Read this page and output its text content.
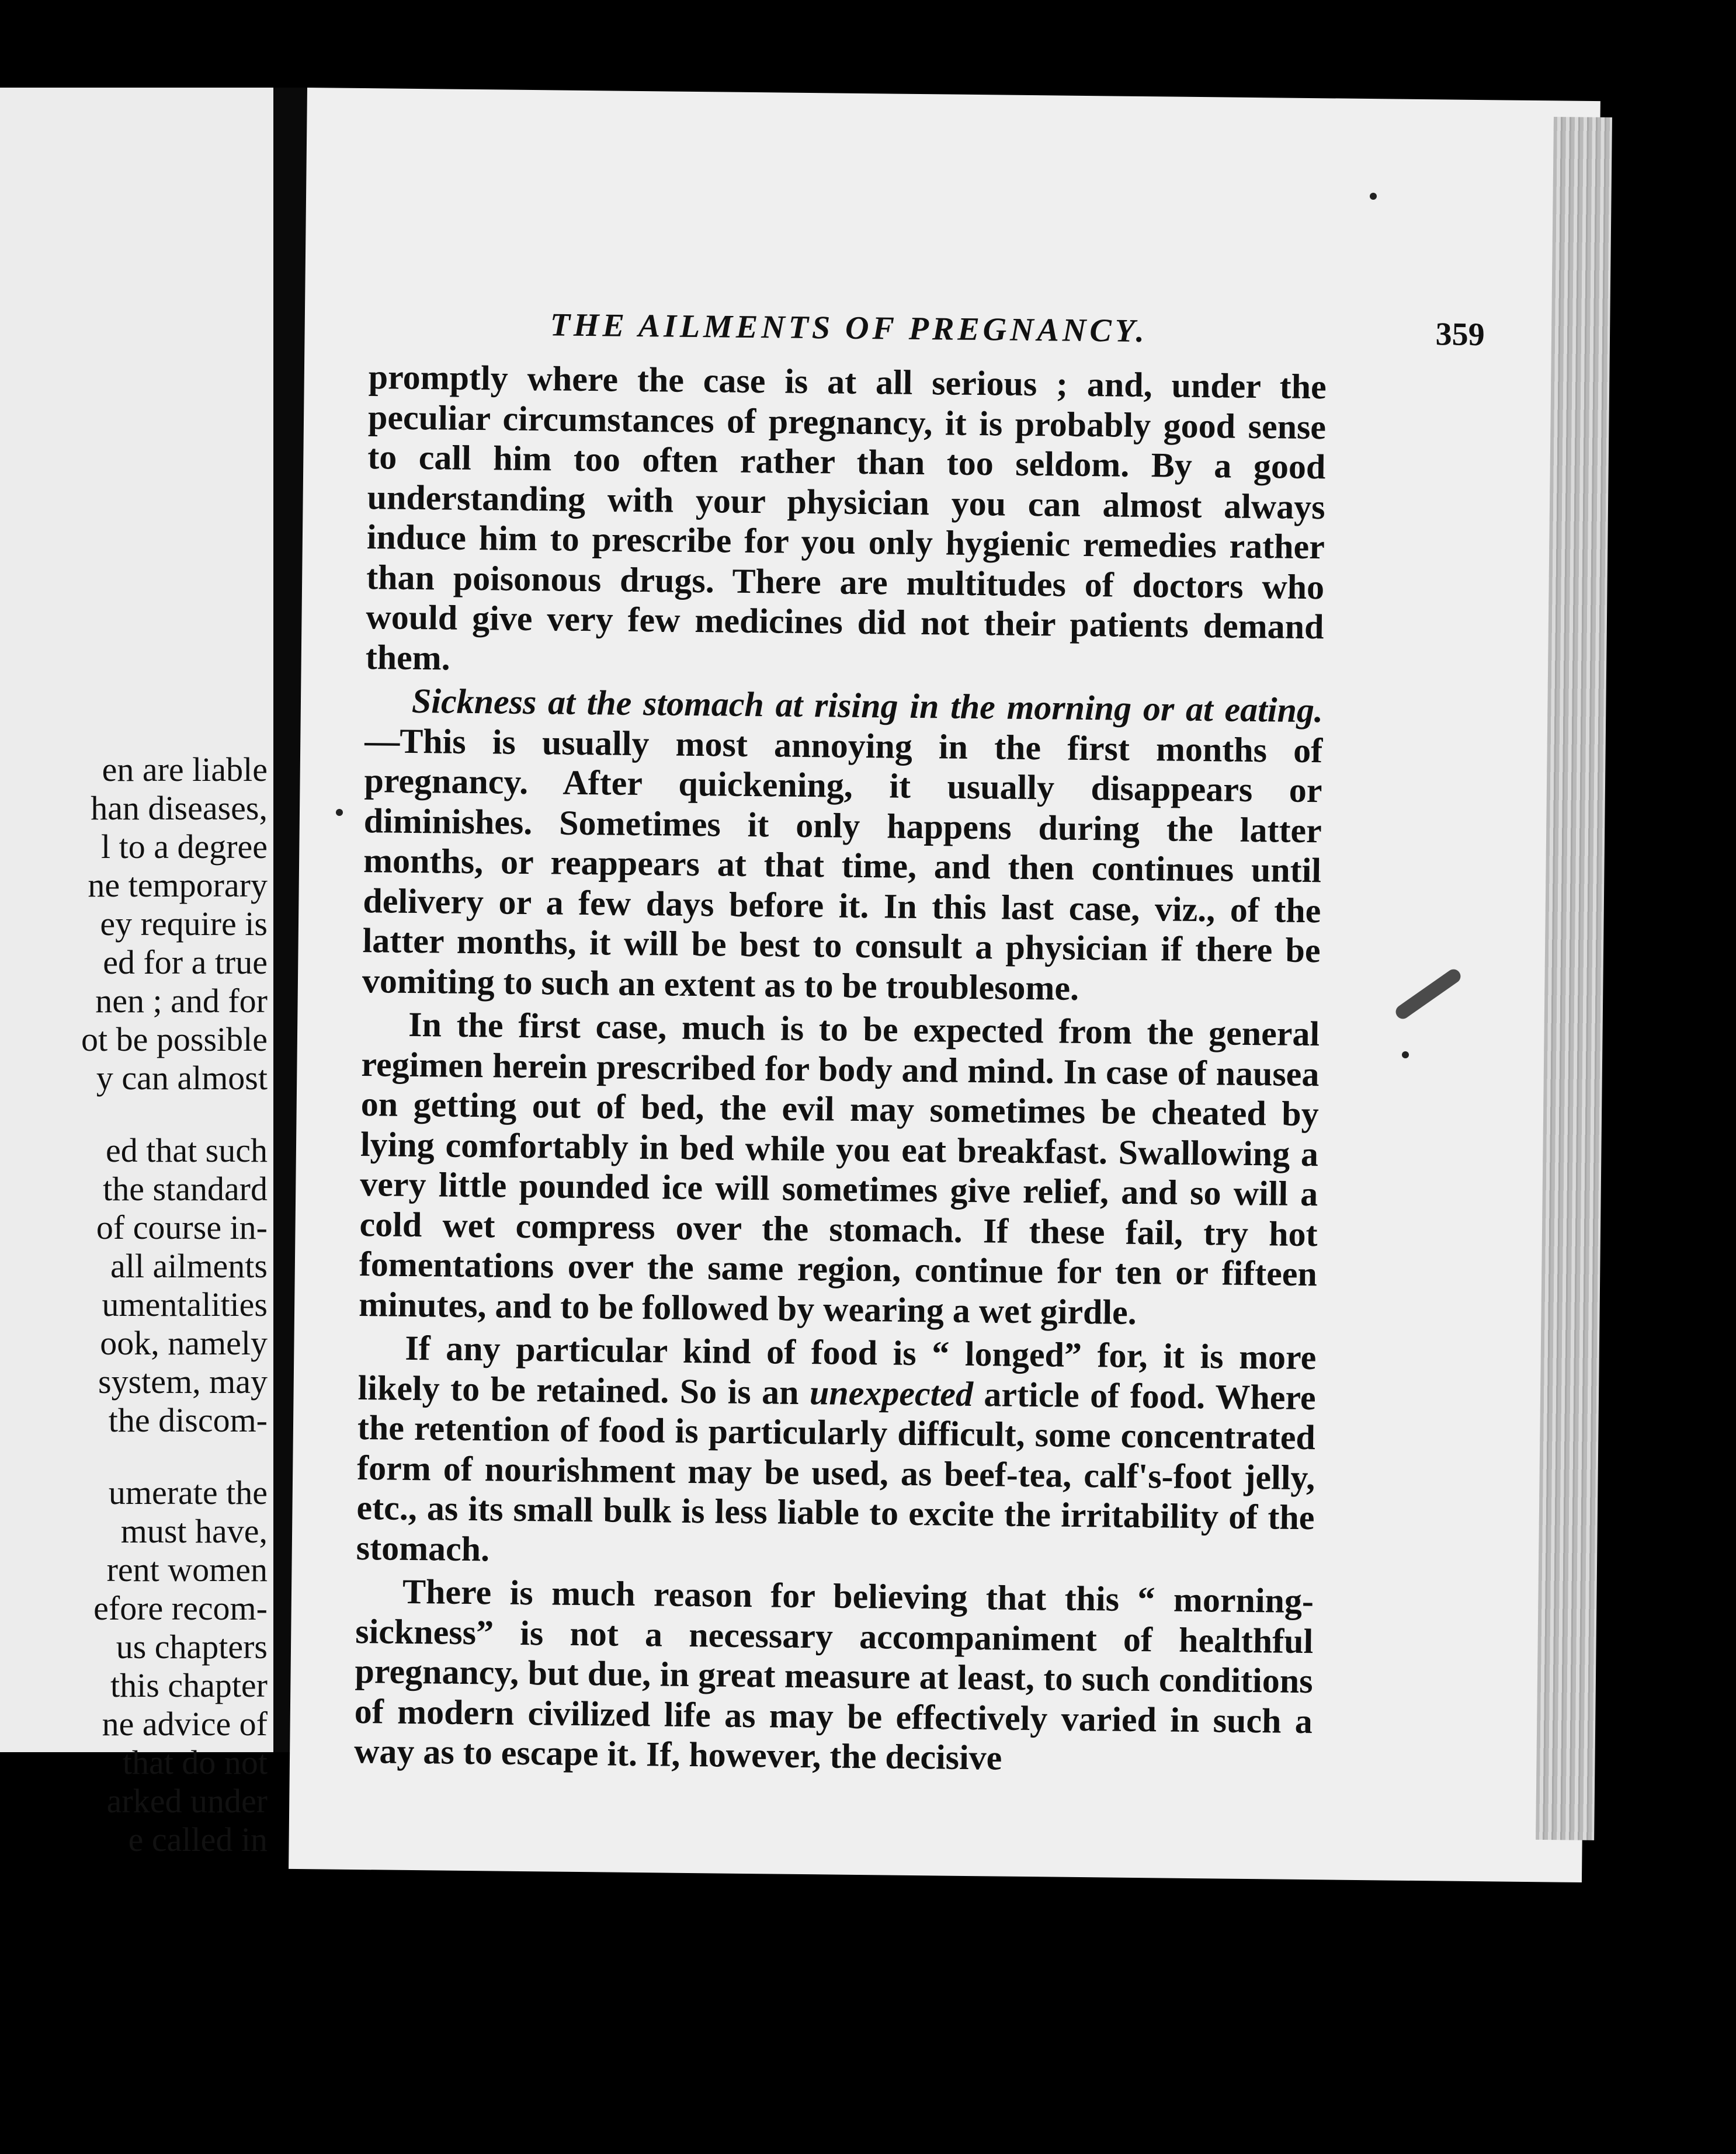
en are liable
han diseases,
l to a degree
ne temporary
ey require is
ed for a true
nen ; and for
ot be possible
y can almost
ed that such
the standard
of course in-
all ailments
umentalities
ook, namely
system, may
the discom-
umerate the
must have,
rent women
efore recom-
us chapters
this chapter
ne advice of
that do not
arked under
e called in
THE AILMENTS OF PREGNANCY.	359

promptly where the case is at all serious ; and, under the peculiar circumstances of pregnancy, it is probably good sense to call him too often rather than too seldom. By a good understanding with your physician you can almost always induce him to prescribe for you only hygienic remedies rather than poisonous drugs. There are multitudes of doctors who would give very few medicines did not their patients demand them.

Sickness at the stomach at rising in the morning or at eating.—This is usually most annoying in the first months of pregnancy. After quickening, it usually disappears or diminishes. Sometimes it only happens during the latter months, or reappears at that time, and then continues until delivery or a few days before it. In this last case, viz., of the latter months, it will be best to consult a physician if there be vomiting to such an extent as to be troublesome.

In the first case, much is to be expected from the general regimen herein prescribed for body and mind. In case of nausea on getting out of bed, the evil may sometimes be cheated by lying comfortably in bed while you eat breakfast. Swallowing a very little pounded ice will sometimes give relief, and so will a cold wet compress over the stomach. If these fail, try hot fomentations over the same region, continue for ten or fifteen minutes, and to be followed by wearing a wet girdle.

If any particular kind of food is “ longed” for, it is more likely to be retained. So is an unexpected article of food. Where the retention of food is particularly difficult, some concentrated form of nourishment may be used, as beef-tea, calf's-foot jelly, etc., as its small bulk is less liable to excite the irritability of the stomach.

There is much reason for believing that this “ morning-sickness” is not a necessary accompaniment of healthful pregnancy, but due, in great measure at least, to such conditions of modern civilized life as may be effectively varied in such a way as to escape it. If, however, the decisive
